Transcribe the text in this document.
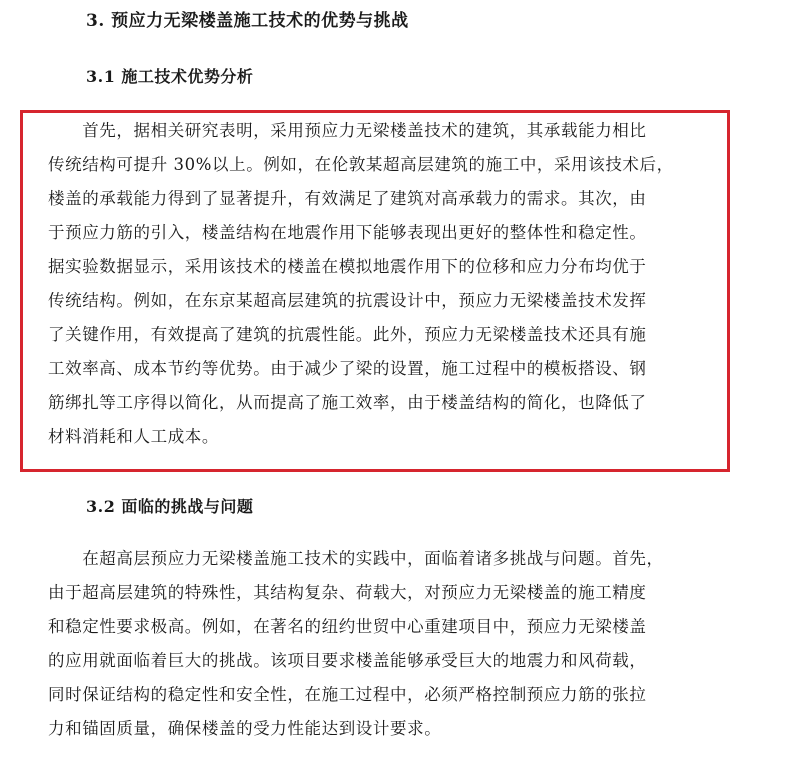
3. 预应力无梁楼盖施工技术的优势与挑战
3.1 施工技术优势分析

　　首先，据相关研究表明，采用预应力无梁楼盖技术的建筑，其承载能力相比
传统结构可提升 30%以上。例如，在伦敦某超高层建筑的施工中，采用该技术后，
楼盖的承载能力得到了显著提升，有效满足了建筑对高承载力的需求。其次，由
于预应力筋的引入，楼盖结构在地震作用下能够表现出更好的整体性和稳定性。
据实验数据显示，采用该技术的楼盖在模拟地震作用下的位移和应力分布均优于
传统结构。例如，在东京某超高层建筑的抗震设计中，预应力无梁楼盖技术发挥
了关键作用，有效提高了建筑的抗震性能。此外，预应力无梁楼盖技术还具有施
工效率高、成本节约等优势。由于减少了梁的设置，施工过程中的模板搭设、钢
筋绑扎等工序得以简化，从而提高了施工效率，由于楼盖结构的简化，也降低了
材料消耗和人工成本。

3.2 面临的挑战与问题

　　在超高层预应力无梁楼盖施工技术的实践中，面临着诸多挑战与问题。首先，
由于超高层建筑的特殊性，其结构复杂、荷载大，对预应力无梁楼盖的施工精度
和稳定性要求极高。例如，在著名的纽约世贸中心重建项目中，预应力无梁楼盖
的应用就面临着巨大的挑战。该项目要求楼盖能够承受巨大的地震力和风荷载，
同时保证结构的稳定性和安全性，在施工过程中，必须严格控制预应力筋的张拉
力和锚固质量，确保楼盖的受力性能达到设计要求。
